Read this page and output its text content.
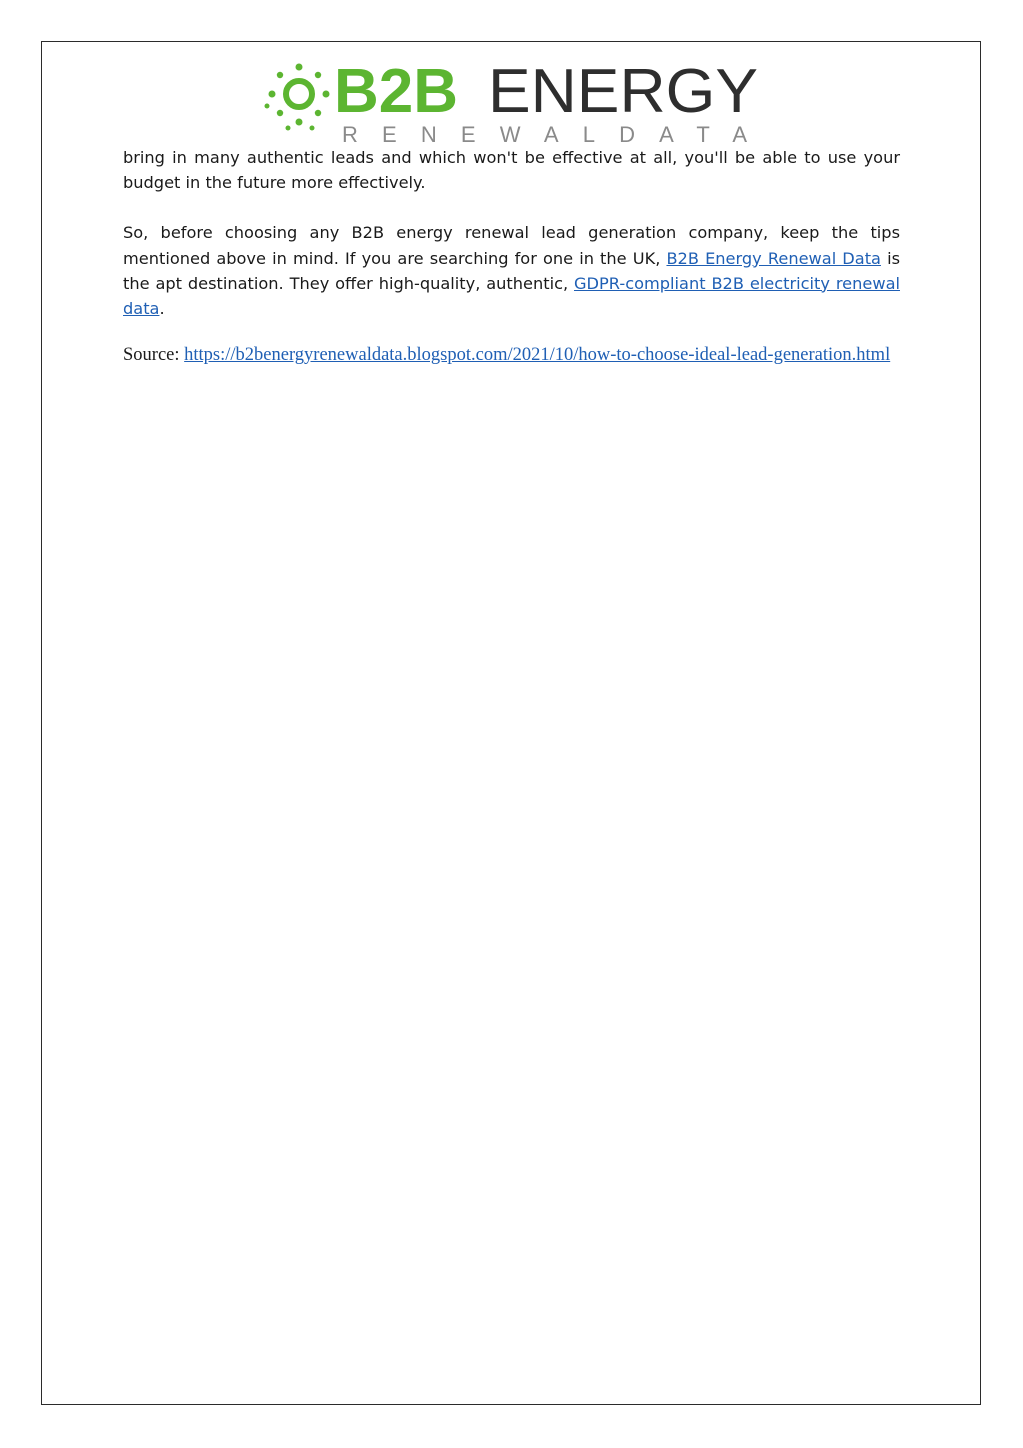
B2B ENERGY
RENEWALDATA

bring in many authentic leads and which won't be effective at all, you'll be able to use your budget in the future more effectively.

So, before choosing any B2B energy renewal lead generation company, keep the tips mentioned above in mind. If you are searching for one in the UK, B2B Energy Renewal Data is the apt destination. They offer high-quality, authentic, GDPR-compliant B2B electricity renewal data.

Source: https://b2benergyrenewaldata.blogspot.com/2021/10/how-to-choose-ideal-lead-generation.html
